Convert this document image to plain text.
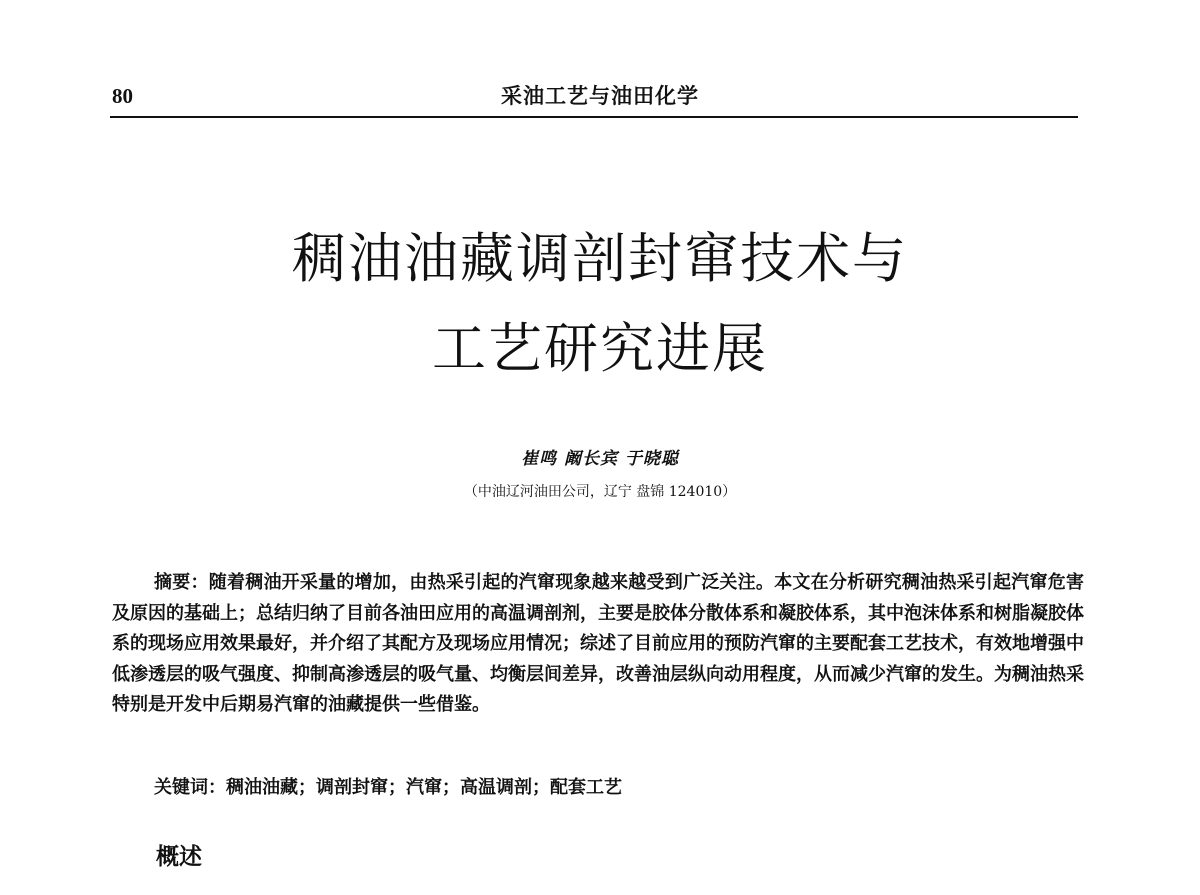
80	采油工艺与油田化学
稠油油藏调剖封窜技术与
工艺研究进展
崔鸣 阚长宾 于晓聪
（中油辽河油田公司，辽宁 盘锦 124010）

摘要：随着稠油开采量的增加，由热采引起的汽窜现象越来越受到广泛关注。本文在分析研究稠油热采引起汽窜危害及原因的基础上；总结归纳了目前各油田应用的高温调剖剂，主要是胶体分散体系和凝胶体系，其中泡沫体系和树脂凝胶体系的现场应用效果最好，并介绍了其配方及现场应用情况；综述了目前应用的预防汽窜的主要配套工艺技术，有效地增强中低渗透层的吸气强度、抑制高渗透层的吸气量、均衡层间差异，改善油层纵向动用程度，从而减少汽窜的发生。为稠油热采特别是开发中后期易汽窜的油藏提供一些借鉴。

关键词：稠油油藏；调剖封窜；汽窜；高温调剖；配套工艺
概述
